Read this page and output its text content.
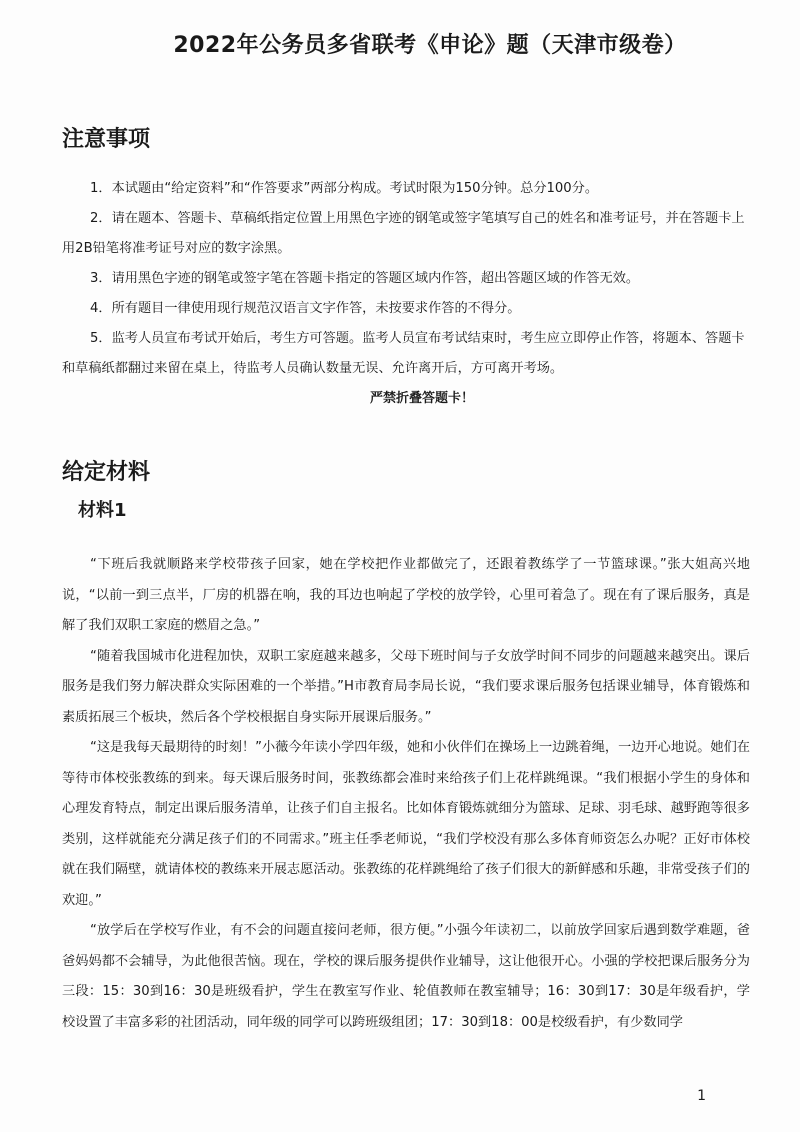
2022年公务员多省联考《申论》题（天津市级卷）
注意事项

1．本试题由“给定资料”和“作答要求”两部分构成。考试时限为150分钟。总分100分。

2．请在题本、答题卡、草稿纸指定位置上用黑色字迹的钢笔或签字笔填写自己的姓名和准考证号，并在答题卡上用2B铅笔将准考证号对应的数字涂黑。

3．请用黑色字迹的钢笔或签字笔在答题卡指定的答题区域内作答，超出答题区域的作答无效。

4．所有题目一律使用现行规范汉语言文字作答，未按要求作答的不得分。

5．监考人员宣布考试开始后，考生方可答题。监考人员宣布考试结束时，考生应立即停止作答，将题本、答题卡和草稿纸都翻过来留在桌上，待监考人员确认数量无误、允许离开后，方可离开考场。

严禁折叠答题卡！

给定材料
材料1

“下班后我就顺路来学校带孩子回家，她在学校把作业都做完了，还跟着教练学了一节篮球课。”张大姐高兴地说，“以前一到三点半，厂房的机器在响，我的耳边也响起了学校的放学铃，心里可着急了。现在有了课后服务，真是解了我们双职工家庭的燃眉之急。”

“随着我国城市化进程加快，双职工家庭越来越多，父母下班时间与子女放学时间不同步的问题越来越突出。课后服务是我们努力解决群众实际困难的一个举措。”H市教育局李局长说，“我们要求课后服务包括课业辅导，体育锻炼和素质拓展三个板块，然后各个学校根据自身实际开展课后服务。”

“这是我每天最期待的时刻！”小薇今年读小学四年级，她和小伙伴们在操场上一边跳着绳，一边开心地说。她们在等待市体校张教练的到来。每天课后服务时间，张教练都会准时来给孩子们上花样跳绳课。“我们根据小学生的身体和心理发育特点，制定出课后服务清单，让孩子们自主报名。比如体育锻炼就细分为篮球、足球、羽毛球、越野跑等很多类别，这样就能充分满足孩子们的不同需求。”班主任季老师说，“我们学校没有那么多体育师资怎么办呢？正好市体校就在我们隔壁，就请体校的教练来开展志愿活动。张教练的花样跳绳给了孩子们很大的新鲜感和乐趣，非常受孩子们的欢迎。”

“放学后在学校写作业，有不会的问题直接问老师，很方便。”小强今年读初二，以前放学回家后遇到数学难题，爸爸妈妈都不会辅导，为此他很苦恼。现在，学校的课后服务提供作业辅导，这让他很开心。小强的学校把课后服务分为三段：15：30到16：30是班级看护，学生在教室写作业、轮值教师在教室辅导；16：30到17：30是年级看护，学校设置了丰富多彩的社团活动，同年级的同学可以跨班级组团；17：30到18：00是校级看护，有少数同学

1
